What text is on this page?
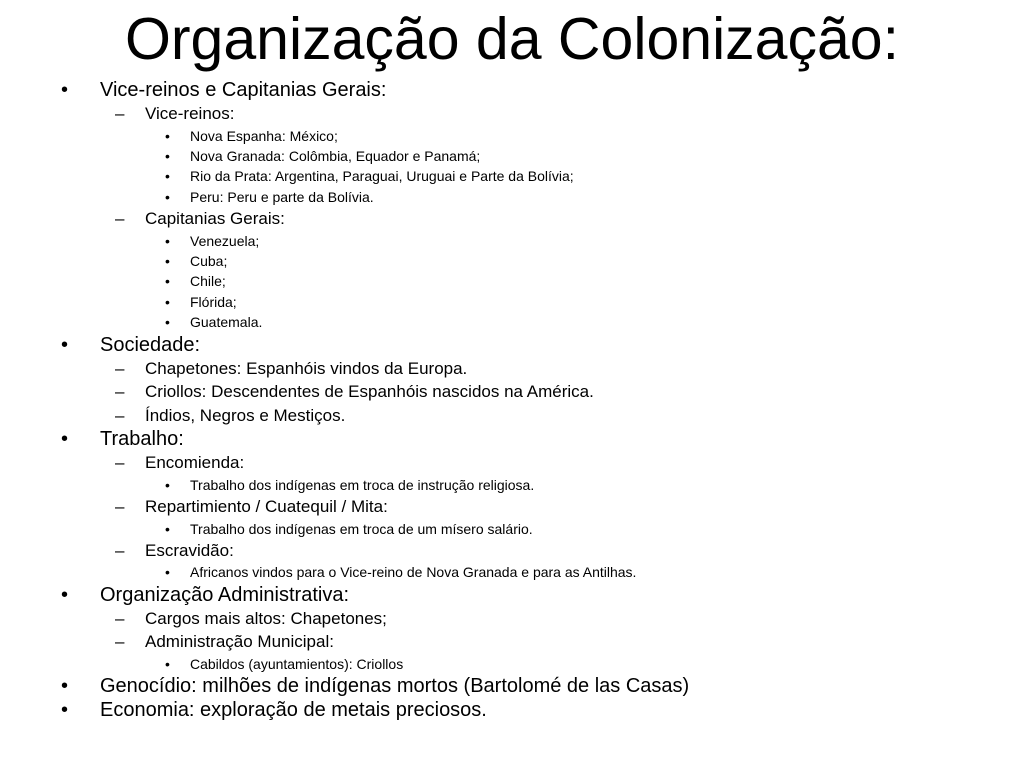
Organização da Colonização:
• Vice-reinos e Capitanias Gerais:
– Vice-reinos:
• Nova Espanha: México;
• Nova Granada: Colômbia, Equador e Panamá;
• Rio da Prata: Argentina, Paraguai, Uruguai e Parte da Bolívia;
• Peru: Peru e parte da Bolívia.
– Capitanias Gerais:
• Venezuela;
• Cuba;
• Chile;
• Flórida;
• Guatemala.
• Sociedade:
– Chapetones: Espanhóis vindos da Europa.
– Criollos: Descendentes de Espanhóis nascidos na América.
– Índios, Negros e Mestiços.
• Trabalho:
– Encomienda:
• Trabalho dos indígenas em troca de instrução religiosa.
– Repartimiento / Cuatequil / Mita:
• Trabalho dos indígenas em troca de um mísero salário.
– Escravidão:
• Africanos vindos para o Vice-reino de Nova Granada e para as Antilhas.
• Organização Administrativa:
– Cargos mais altos: Chapetones;
– Administração Municipal:
• Cabildos (ayuntamientos): Criollos
• Genocídio: milhões de indígenas mortos (Bartolomé de las Casas)
• Economia: exploração de metais preciosos.
